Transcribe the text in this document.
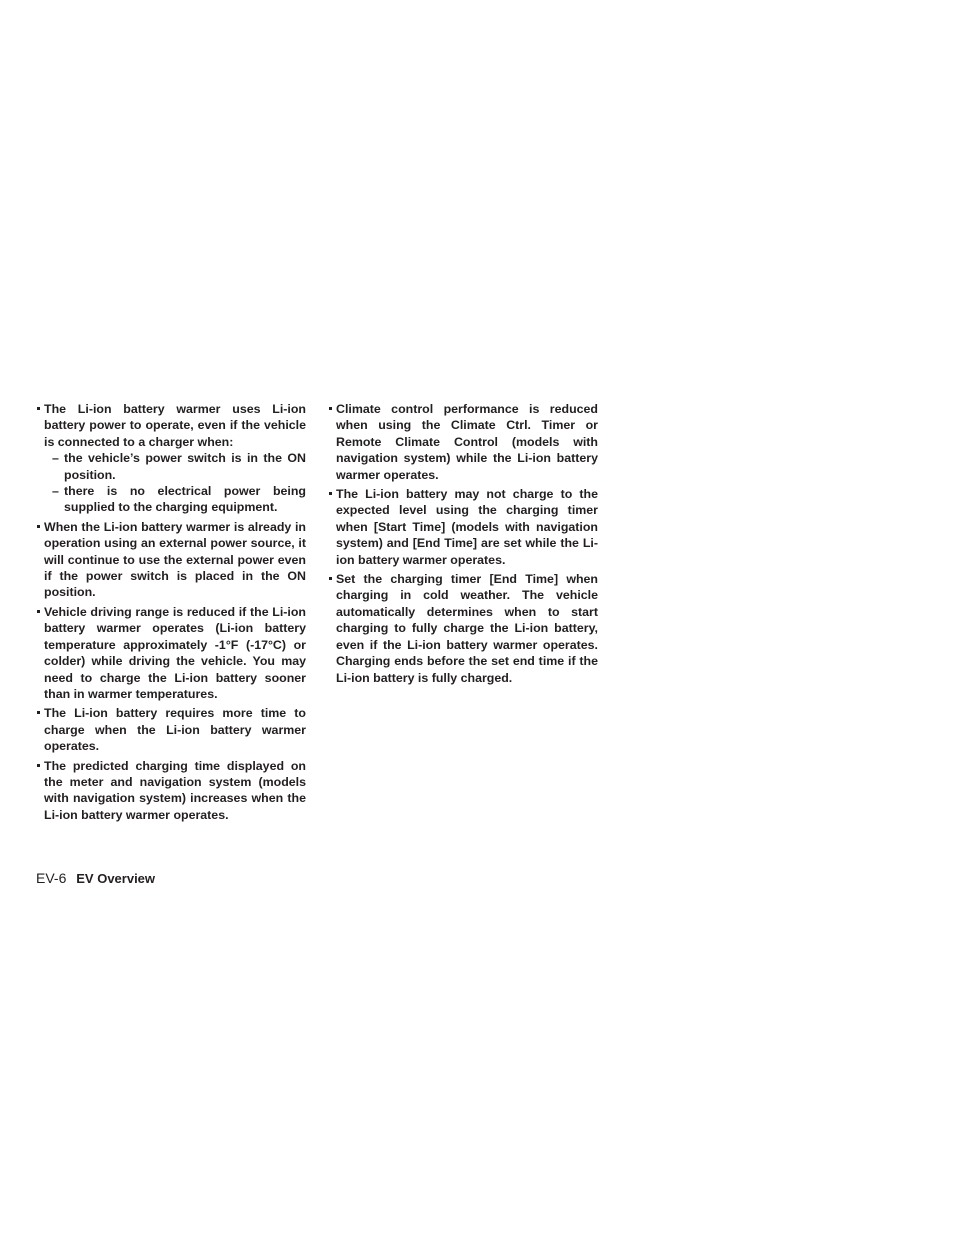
The Li-ion battery warmer uses Li-ion battery power to operate, even if the vehicle is connected to a charger when:
– the vehicle’s power switch is in the ON position.
– there is no electrical power being supplied to the charging equipment.
When the Li-ion battery warmer is already in operation using an external power source, it will continue to use the external power even if the power switch is placed in the ON position.
Vehicle driving range is reduced if the Li-ion battery warmer operates (Li-ion battery temperature approximately -1°F (-17°C) or colder) while driving the vehicle. You may need to charge the Li-ion battery sooner than in warmer temperatures.
The Li-ion battery requires more time to charge when the Li-ion battery warmer operates.
The predicted charging time displayed on the meter and navigation system (models with navigation system) increases when the Li-ion battery warmer operates.
Climate control performance is reduced when using the Climate Ctrl. Timer or Remote Climate Control (models with navigation system) while the Li-ion battery warmer operates.
The Li-ion battery may not charge to the expected level using the charging timer when [Start Time] (models with navigation system) and [End Time] are set while the Li-ion battery warmer operates.
Set the charging timer [End Time] when charging in cold weather. The vehicle automatically determines when to start charging to fully charge the Li-ion battery, even if the Li-ion battery warmer operates. Charging ends before the set end time if the Li-ion battery is fully charged.
EV-6 EV Overview
